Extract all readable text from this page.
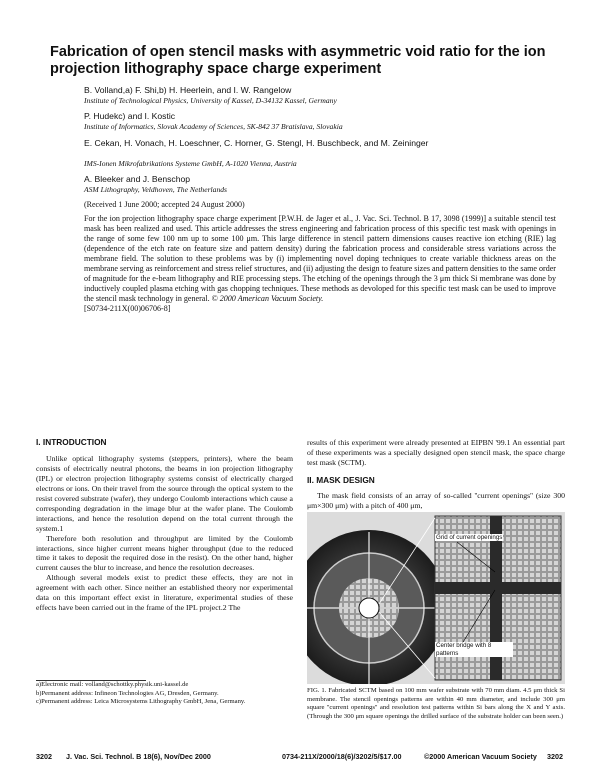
Fabrication of open stencil masks with asymmetric void ratio for the ion projection lithography space charge experiment
B. Volland,a) F. Shi,b) H. Heerlein, and I. W. Rangelow
Institute of Technological Physics, University of Kassel, D-34132 Kassel, Germany
P. Hudekc) and I. Kostic
Institute of Informatics, Slovak Academy of Sciences, SK-842 37 Bratislava, Slovakia
E. Cekan, H. Vonach, H. Loeschner, C. Horner, G. Stengl, H. Buschbeck, and M. Zeininger
IMS-Ionen Mikrofabrikations Systeme GmbH, A-1020 Vienna, Austria
A. Bleeker and J. Benschop
ASM Lithography, Veldhoven, The Netherlands
(Received 1 June 2000; accepted 24 August 2000)

For the ion projection lithography space charge experiment [P.W.H. de Jager et al., J. Vac. Sci. Technol. B 17, 3098 (1999)] a suitable stencil test mask has been realized and used. This article addresses the stress engineering and fabrication process of this specific test mask with openings in the range of some few 100 nm up to some 100 μm. This large difference in stencil pattern dimensions causes reactive ion etching (RIE) lag (dependence of the etch rate on feature size and pattern density) during the fabrication process and considerable stress variations across the membrane field. The solution to these problems was by (i) implementing novel doping techniques to create variable thickness areas on the membrane serving as reinforcement and stress relief structures, and (ii) adjusting the design to feature sizes and pattern densities to the same order of magnitude for the e-beam lithography and RIE processing steps. The etching of the openings through the 3 μm thick Si membrane was done by inductively coupled plasma etching with gas chopping techniques. These methods as devoloped for this specific test mask can be used to improve the stencil mask technology in general. © 2000 American Vacuum Society.

[S0734-211X(00)06706-8]

I. INTRODUCTION

Unlike optical lithography systems (steppers, printers), where the beam consists of electrically neutral photons, the beams in ion projection lithography (IPL) or electron projection lithography systems consist of electrically charged electrons or ions. On their travel from the source through the optical system to the resist covered substrate (wafer), they undergo Coulomb interactions which cause a corresponding degradation in the image blur at the wafer plane. The Coulomb interactions, and hence the resolution depend on the total current through the system.1

Therefore both resolution and throughput are limited by the Coulomb interactions, since higher current means higher throughput (due to the reduced time it takes to deposit the required dose in the resist). On the other hand, higher current causes the blur to increase, and hence the resolution decreases.

Although several models exist to predict these effects, they are not in agreement with each other. Since neither an established theory nor experimental data on this important effect exist in literature, experimental studies of these effects have been carried out in the frame of the IPL project.2 The

a)Electronic mail: volland@schottky.physik.uni-kassel.de
b)Permanent address: Infineon Technologies AG, Dresden, Germany.
c)Permanent address: Leica Microsystems Lithography GmbH, Jena, Germany.

results of this experiment were already presented at EIPBN '99.1 An essential part of these experiments was a specially designed open stencil mask, the space charge test mask (SCTM).

II. MASK DESIGN

The mask field consists of an array of so-called ''current openings'' (size 300 μm×300 μm) with a pitch of 400 μm,

Grid of current openings
Center bridge with 8 patterns
FIG. 1. Fabricated SCTM based on 100 mm wafer substrate with 70 mm diam. 4.5 μm thick Si membrane. The stencil openings patterns are within 40 mm diameter, and include 300 μm square ''current openings'' and resolution test patterns within Si bars along the X and Y axis. (Through the 300 μm square openings the drilled surface of the substrate holder can been seen.)
3202 J. Vac. Sci. Technol. B 18(6), Nov/Dec 2000	0734-211X/2000/18(6)/3202/5/$17.00	©2000 American Vacuum Society 3202
